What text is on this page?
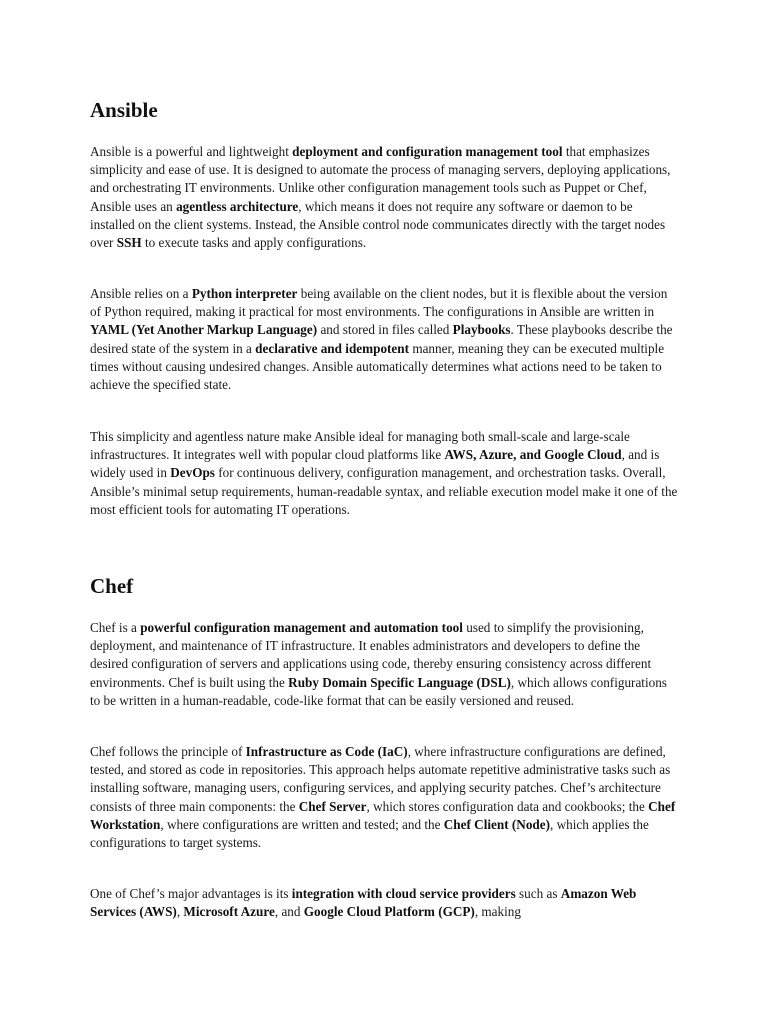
Ansible

Ansible is a powerful and lightweight deployment and configuration management tool that emphasizes simplicity and ease of use. It is designed to automate the process of managing servers, deploying applications, and orchestrating IT environments. Unlike other configuration management tools such as Puppet or Chef, Ansible uses an agentless architecture, which means it does not require any software or daemon to be installed on the client systems. Instead, the Ansible control node communicates directly with the target nodes over SSH to execute tasks and apply configurations.

Ansible relies on a Python interpreter being available on the client nodes, but it is flexible about the version of Python required, making it practical for most environments. The configurations in Ansible are written in YAML (Yet Another Markup Language) and stored in files called Playbooks. These playbooks describe the desired state of the system in a declarative and idempotent manner, meaning they can be executed multiple times without causing undesired changes. Ansible automatically determines what actions need to be taken to achieve the specified state.

This simplicity and agentless nature make Ansible ideal for managing both small-scale and large-scale infrastructures. It integrates well with popular cloud platforms like AWS, Azure, and Google Cloud, and is widely used in DevOps for continuous delivery, configuration management, and orchestration tasks. Overall, Ansible’s minimal setup requirements, human-readable syntax, and reliable execution model make it one of the most efficient tools for automating IT operations.

Chef

Chef is a powerful configuration management and automation tool used to simplify the provisioning, deployment, and maintenance of IT infrastructure. It enables administrators and developers to define the desired configuration of servers and applications using code, thereby ensuring consistency across different environments. Chef is built using the Ruby Domain Specific Language (DSL), which allows configurations to be written in a human-readable, code-like format that can be easily versioned and reused.

Chef follows the principle of Infrastructure as Code (IaC), where infrastructure configurations are defined, tested, and stored as code in repositories. This approach helps automate repetitive administrative tasks such as installing software, managing users, configuring services, and applying security patches. Chef’s architecture consists of three main components: the Chef Server, which stores configuration data and cookbooks; the Chef Workstation, where configurations are written and tested; and the Chef Client (Node), which applies the configurations to target systems.

One of Chef’s major advantages is its integration with cloud service providers such as Amazon Web Services (AWS), Microsoft Azure, and Google Cloud Platform (GCP), making
